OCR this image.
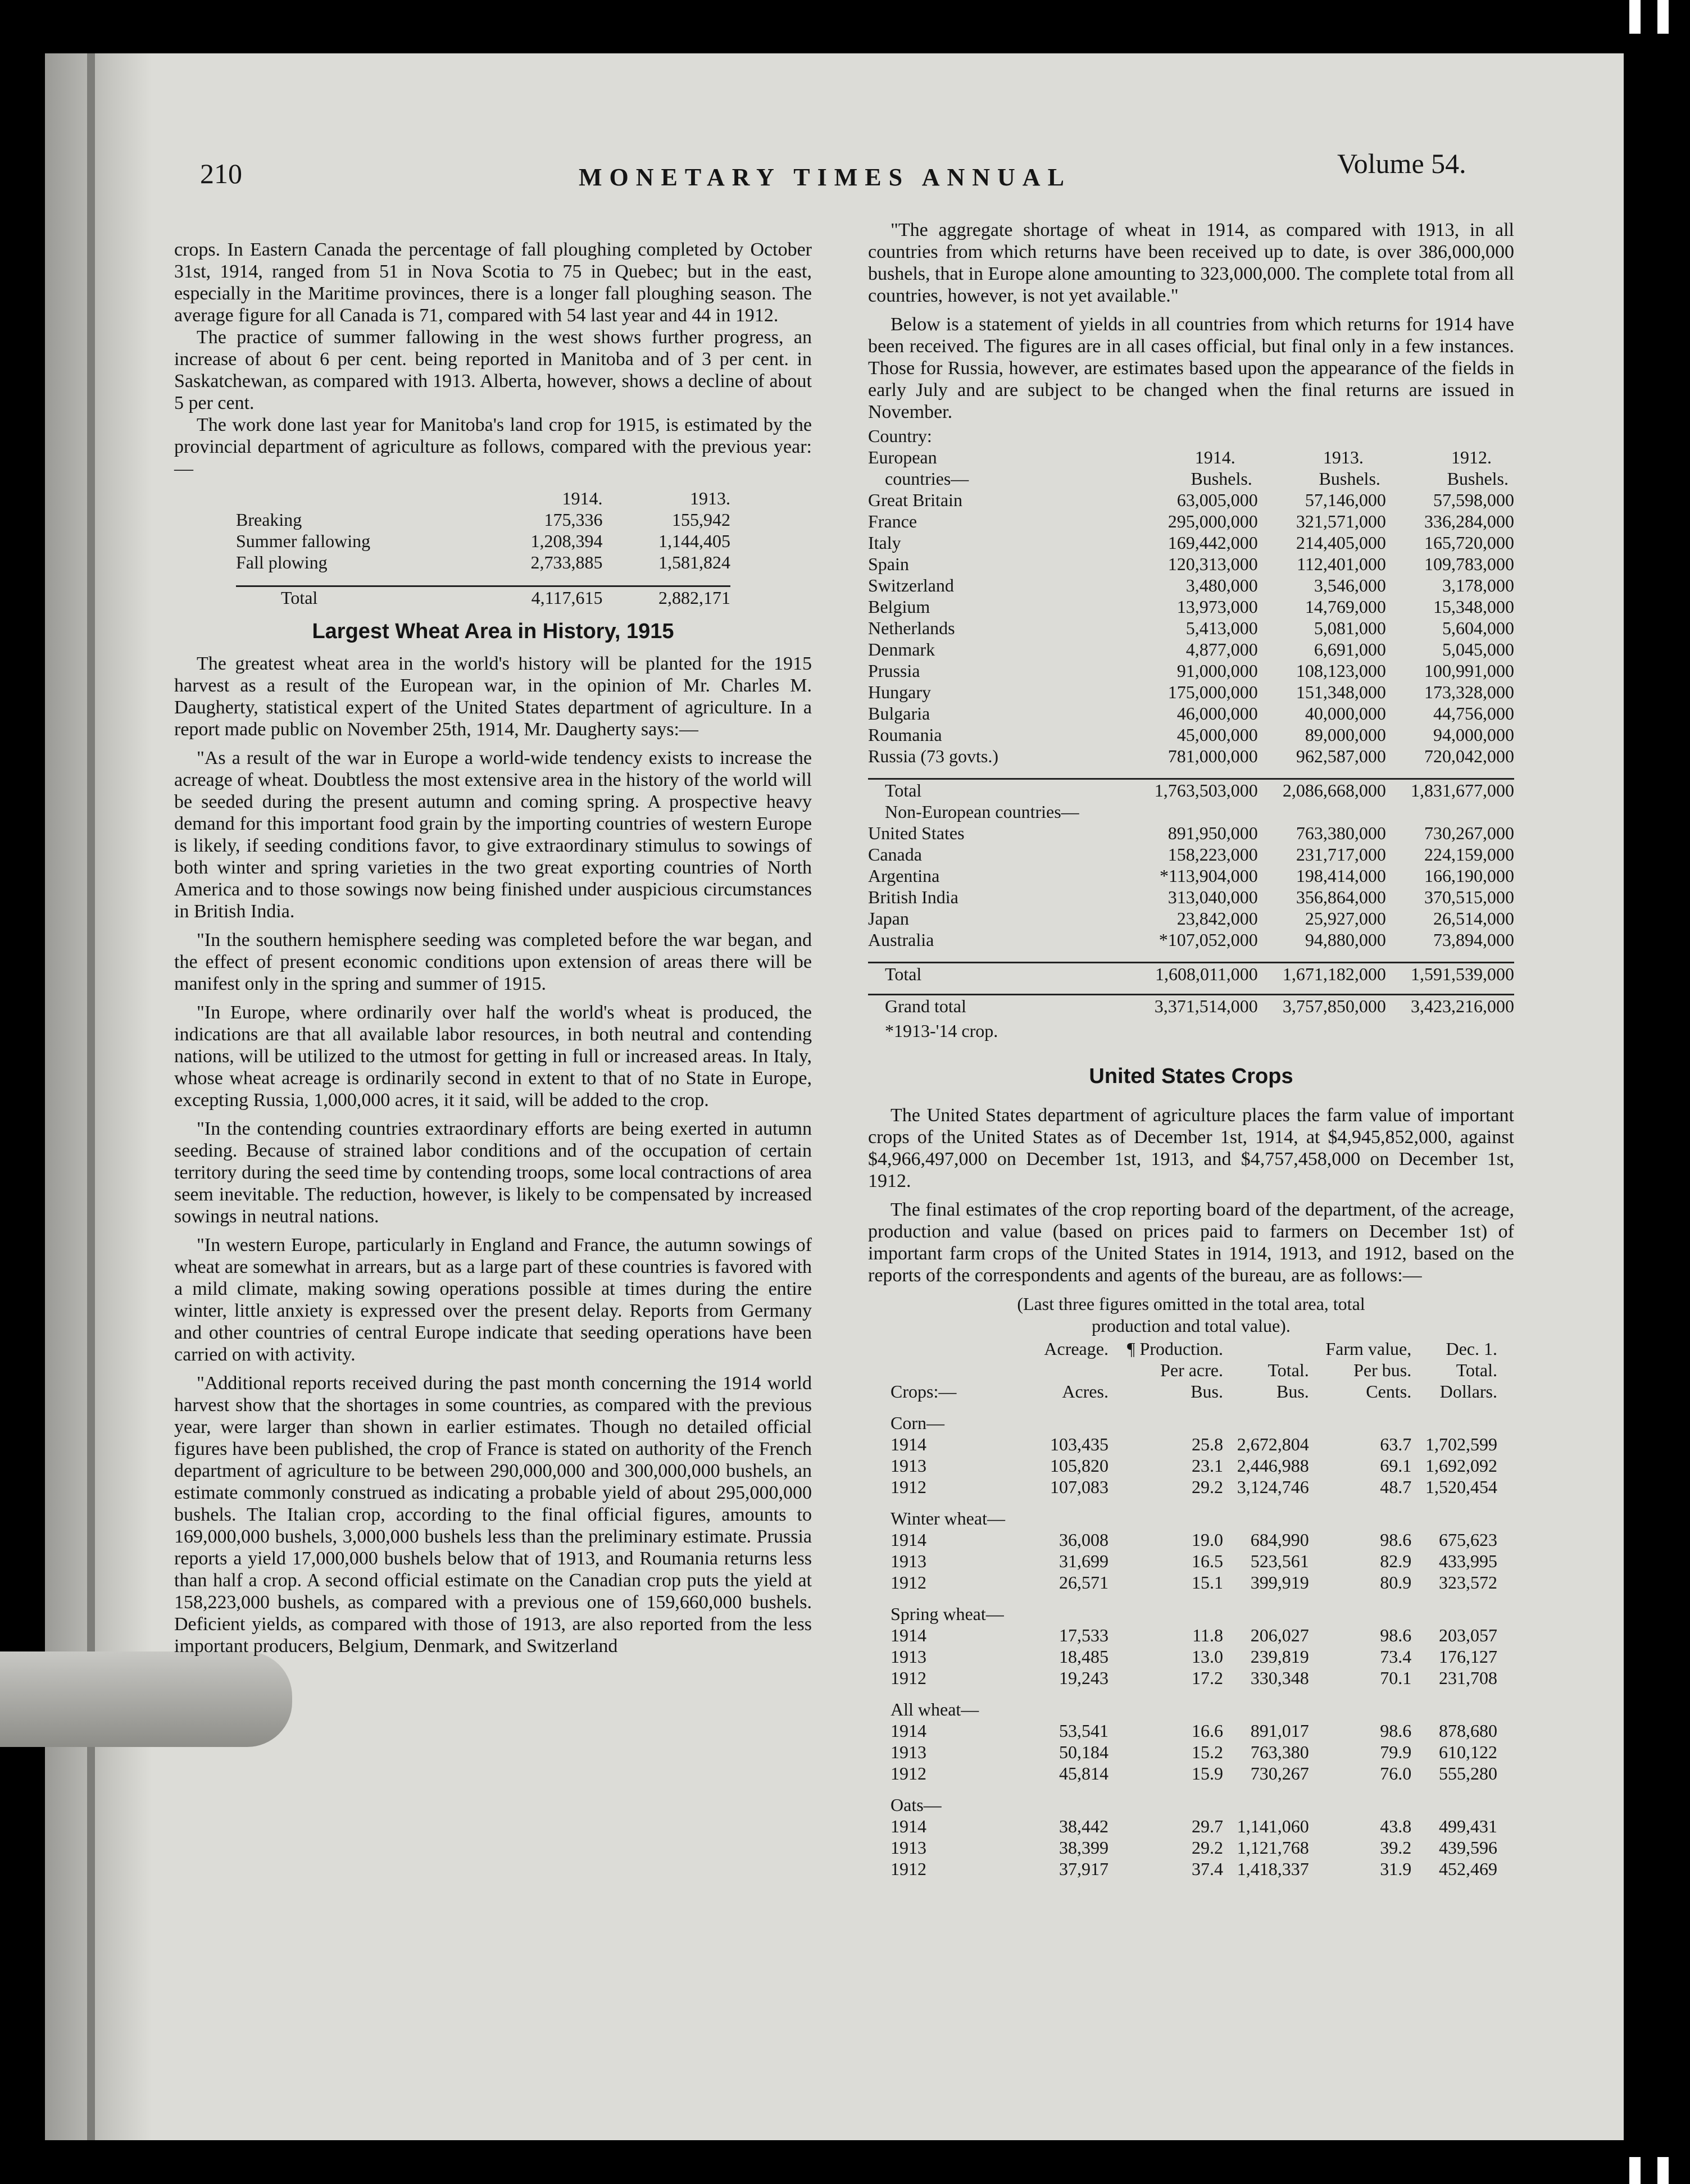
210	MONETARY TIMES ANNUAL	Volume 54.

crops. In Eastern Canada the percentage of fall ploughing completed by October 31st, 1914, ranged from 51 in Nova Scotia to 75 in Quebec; but in the east, especially in the Maritime provinces, there is a longer fall ploughing season. The average figure for all Canada is 71, compared with 54 last year and 44 in 1912.

The practice of summer fallowing in the west shows further progress, an increase of about 6 per cent. being reported in Manitoba and of 3 per cent. in Saskatchewan, as compared with 1913. Alberta, however, shows a decline of about 5 per cent.

The work done last year for Manitoba's land crop for 1915, is estimated by the provincial department of agriculture as follows, compared with the previous year:—

	1914.	1913.
Breaking	175,336	155,942
Summer fallowing	1,208,394	1,144,405
Fall plowing	2,733,885	1,581,824

Total	4,117,615	2,882,171
Largest Wheat Area in History, 1915

The greatest wheat area in the world's history will be planted for the 1915 harvest as a result of the European war, in the opinion of Mr. Charles M. Daugherty, statistical expert of the United States department of agriculture. In a report made public on November 25th, 1914, Mr. Daugherty says:—

"As a result of the war in Europe a world-wide tendency exists to increase the acreage of wheat. Doubtless the most extensive area in the history of the world will be seeded during the present autumn and coming spring. A prospective heavy demand for this important food grain by the importing countries of western Europe is likely, if seeding conditions favor, to give extraordinary stimulus to sowings of both winter and spring varieties in the two great exporting countries of North America and to those sowings now being finished under auspicious circumstances in British India.

"In the southern hemisphere seeding was completed before the war began, and the effect of present economic conditions upon extension of areas there will be manifest only in the spring and summer of 1915.

"In Europe, where ordinarily over half the world's wheat is produced, the indications are that all available labor resources, in both neutral and contending nations, will be utilized to the utmost for getting in full or increased areas. In Italy, whose wheat acreage is ordinarily second in extent to that of no State in Europe, excepting Russia, 1,000,000 acres, it it said, will be added to the crop.

"In the contending countries extraordinary efforts are being exerted in autumn seeding. Because of strained labor conditions and of the occupation of certain territory during the seed time by contending troops, some local contractions of area seem inevitable. The reduction, however, is likely to be compensated by increased sowings in neutral nations.

"In western Europe, particularly in England and France, the autumn sowings of wheat are somewhat in arrears, but as a large part of these countries is favored with a mild climate, making sowing operations possible at times during the entire winter, little anxiety is expressed over the present delay. Reports from Germany and other countries of central Europe indicate that seeding operations have been carried on with activity.

"Additional reports received during the past month concerning the 1914 world harvest show that the shortages in some countries, as compared with the previous year, were larger than shown in earlier estimates. Though no detailed official figures have been published, the crop of France is stated on authority of the French department of agriculture to be between 290,000,000 and 300,000,000 bushels, an estimate commonly construed as indicating a probable yield of about 295,000,000 bushels. The Italian crop, according to the final official figures, amounts to 169,000,000 bushels, 3,000,000 bushels less than the preliminary estimate. Prussia reports a yield 17,000,000 bushels below that of 1913, and Roumania returns less than half a crop. A second official estimate on the Canadian crop puts the yield at 158,223,000 bushels, as compared with a previous one of 159,660,000 bushels. Deficient yields, as compared with those of 1913, are also reported from the less important producers, Belgium, Denmark, and Switzerland

"The aggregate shortage of wheat in 1914, as compared with 1913, in all countries from which returns have been received up to date, is over 386,000,000 bushels, that in Europe alone amounting to 323,000,000. The complete total from all countries, however, is not yet available."

Below is a statement of yields in all countries from which returns for 1914 have been received. The figures are in all cases official, but final only in a few instances. Those for Russia, however, are estimates based upon the appearance of the fields in early July and are subject to be changed when the final returns are issued in November.

Country:			
European	1914.	1913.	1912.
countries—	Bushels.	Bushels.	Bushels.
Great Britain	63,005,000	57,146,000	57,598,000
France	295,000,000	321,571,000	336,284,000
Italy	169,442,000	214,405,000	165,720,000
Spain	120,313,000	112,401,000	109,783,000
Switzerland	3,480,000	3,546,000	3,178,000
Belgium	13,973,000	14,769,000	15,348,000
Netherlands	5,413,000	5,081,000	5,604,000
Denmark	4,877,000	6,691,000	5,045,000
Prussia	91,000,000	108,123,000	100,991,000
Hungary	175,000,000	151,348,000	173,328,000
Bulgaria	46,000,000	40,000,000	44,756,000
Roumania	45,000,000	89,000,000	94,000,000
Russia (73 govts.)	781,000,000	962,587,000	720,042,000

Total	1,763,503,000	2,086,668,000	1,831,677,000
Non-European countries—			
United States	891,950,000	763,380,000	730,267,000
Canada	158,223,000	231,717,000	224,159,000
Argentina	*113,904,000	198,414,000	166,190,000
British India	313,040,000	356,864,000	370,515,000
Japan	23,842,000	25,927,000	26,514,000
Australia	*107,052,000	94,880,000	73,894,000

Total	1,608,011,000	1,671,182,000	1,591,539,000

Grand total	3,371,514,000	3,757,850,000	3,423,216,000
*1913-'14 crop.
United States Crops

The United States department of agriculture places the farm value of important crops of the United States as of December 1st, 1914, at $4,945,852,000, against $4,966,497,000 on December 1st, 1913, and $4,757,458,000 on December 1st, 1912.

The final estimates of the crop reporting board of the department, of the acreage, production and value (based on prices paid to farmers on December 1st) of important farm crops of the United States in 1914, 1913, and 1912, based on the reports of the correspondents and agents of the bureau, are as follows:—

(Last three figures omitted in the total area, total
production and total value).
	Acreage.	¶ Production.		Farm value,	Dec. 1.
		Per acre.	Total.	Per bus.	Total.
Crops:—	Acres.	Bus.	Bus.	Cents.	Dollars.
Corn—					
1914	103,435	25.8	2,672,804	63.7	1,702,599
1913	105,820	23.1	2,446,988	69.1	1,692,092
1912	107,083	29.2	3,124,746	48.7	1,520,454
Winter wheat—					
1914	36,008	19.0	684,990	98.6	675,623
1913	31,699	16.5	523,561	82.9	433,995
1912	26,571	15.1	399,919	80.9	323,572
Spring wheat—					
1914	17,533	11.8	206,027	98.6	203,057
1913	18,485	13.0	239,819	73.4	176,127
1912	19,243	17.2	330,348	70.1	231,708
All wheat—					
1914	53,541	16.6	891,017	98.6	878,680
1913	50,184	15.2	763,380	79.9	610,122
1912	45,814	15.9	730,267	76.0	555,280
Oats—					
1914	38,442	29.7	1,141,060	43.8	499,431
1913	38,399	29.2	1,121,768	39.2	439,596
1912	37,917	37.4	1,418,337	31.9	452,469
